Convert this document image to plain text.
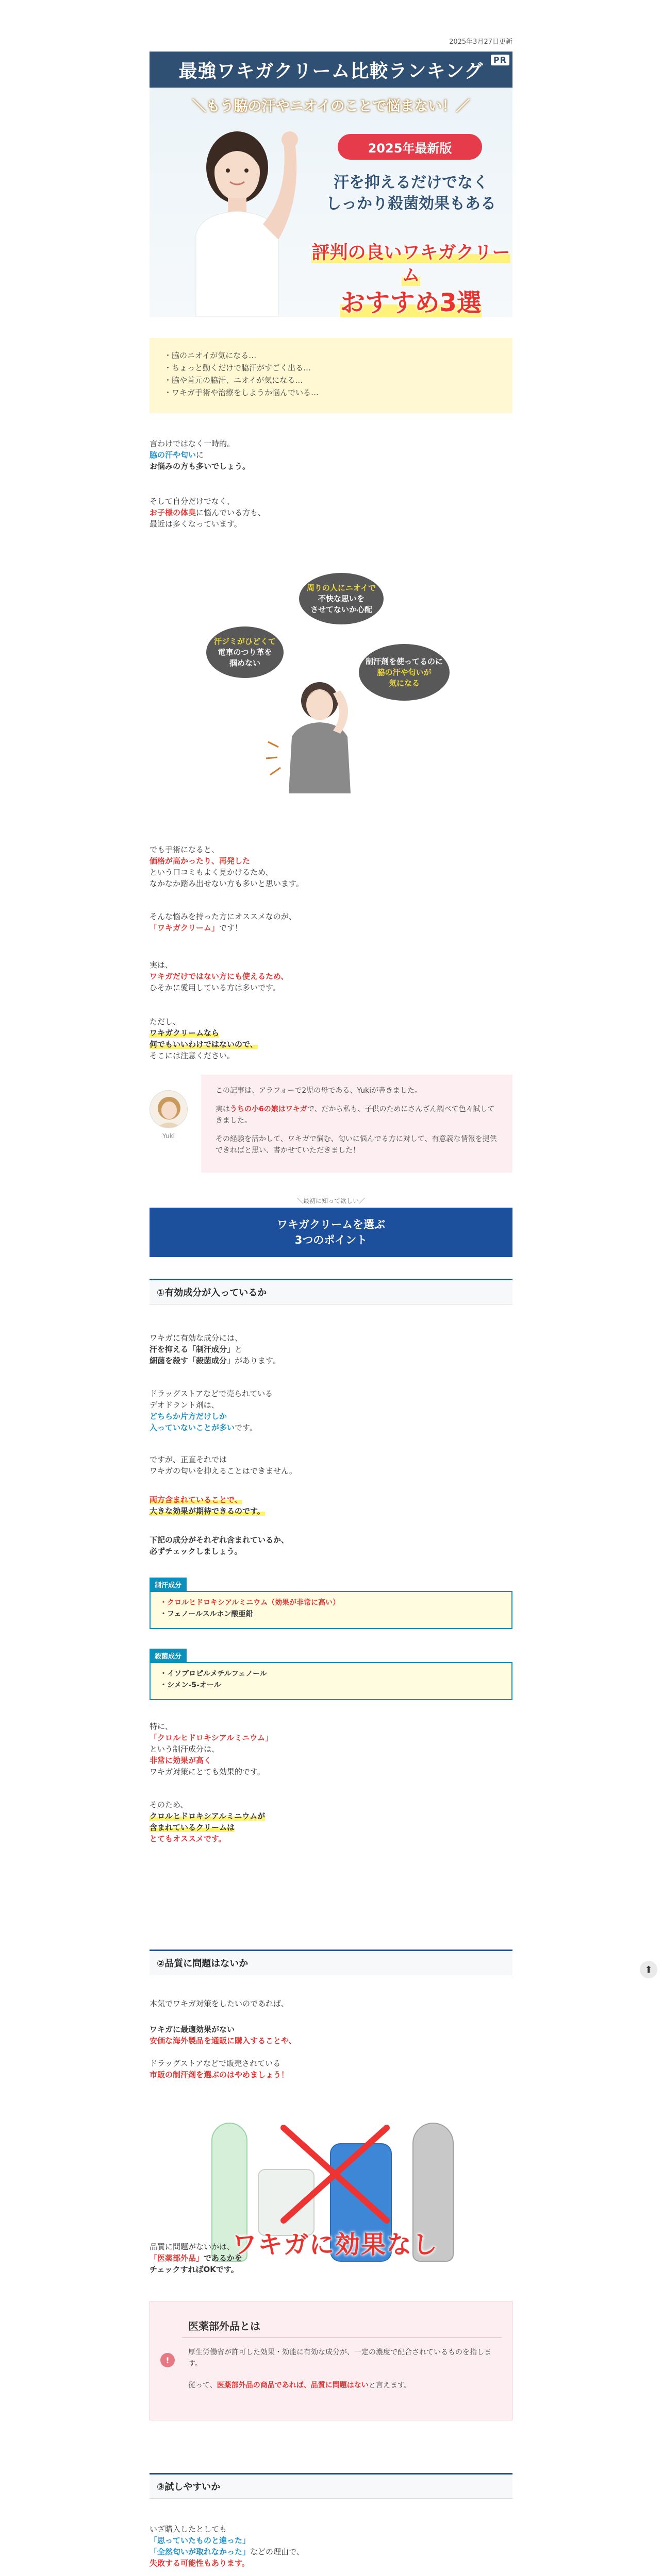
2025年3月27日更新
最強ワキガクリーム比較ランキング
PR
＼もう脇の汗やニオイのことで悩まない！／
2025年最新版
汗を抑えるだけでなく
しっかり殺菌効果もある
評判の良いワキガクリーム
おすすめ3選
・脇のニオイが気になる…
・ちょっと動くだけで脇汗がすごく出る…
・脇や首元の脇汗、ニオイが気になる…
・ワキガ手術や治療をしようか悩んでいる…
言わけではなく一時的。
脇の汗や匂いに
お悩みの方も多いでしょう。
そして自分だけでなく、
お子様の体臭に悩んでいる方も、
最近は多くなっています。
周りの人にニオイで
不快な思いを
させてないか心配
汗ジミがひどくて
電車のつり革を
掴めない	制汗剤を使ってるのに
脇の汗や匂いが
気になる
でも手術になると、
価格が高かったり、再発した
という口コミもよく見かけるため、
なかなか踏み出せない方も多いと思います。
そんな悩みを持った方にオススメなのが、
「ワキガクリーム」です！
実は、
ワキガだけではない方にも使えるため、
ひそかに愛用している方は多いです。
ただし、
ワキガクリームなら
何でもいいわけではないので、
そこには注意ください。
Yuki

この記事は、アラフォーで2児の母である、Yukiが書きました。

実はうちの小6の娘はワキガで、だから私も、子供のためにさんざん調べて色々試してきました。

その経験を活かして、ワキガで悩む、匂いに悩んでる方に対して、有意義な情報を提供できればと思い、書かせていただきました！

＼最初に知って欲しい／
ワキガクリームを選ぶ
3つのポイント
①有効成分が入っているか
ワキガに有効な成分には、
汗を抑える「制汗成分」と
細菌を殺す「殺菌成分」があります。
ドラッグストアなどで売られている
デオドラント剤は、
どちらか片方だけしか
入っていないことが多いです。
ですが、正直それでは
ワキガの匂いを抑えることはできません。
両方含まれていることで、
大きな効果が期待できるのです。
下記の成分がそれぞれ含まれているか、
必ずチェックしましょう。
制汗成分
・クロルヒドロキシアルミニウム（効果が非常に高い）
・フェノールスルホン酸亜鉛
殺菌成分
・イソプロピルメチルフェノール
・シメン-5-オール
特に、
「クロルヒドロキシアルミニウム」
という制汗成分は、
非常に効果が高く
ワキガ対策にとても効果的です。
そのため、
クロルヒドロキシアルミニウムが
含まれているクリームは
とてもオススメです。
②品質に問題はないか
本気でワキガ対策をしたいのであれば、
ワキガに最適効果がない
安価な海外製品を通販に購入することや、
ドラッグストアなどで販売されている
市販の制汗剤を選ぶのはやめましょう！
ワキガに効果なし
品質に問題がないかは、
「医薬部外品」であるかを
チェックすればOKです。
医薬部外品とは
!

厚生労働省が許可した効果・効能に有効な成分が、一定の濃度で配合されているものを指します。

従って、医薬部外品の商品であれば、品質に問題はないと言えます。

③試しやすいか
いざ購入したとしても
「思っていたものと違った」
「全然匂いが取れなかった」などの理由で、
失敗する可能性もあります。
⬆
